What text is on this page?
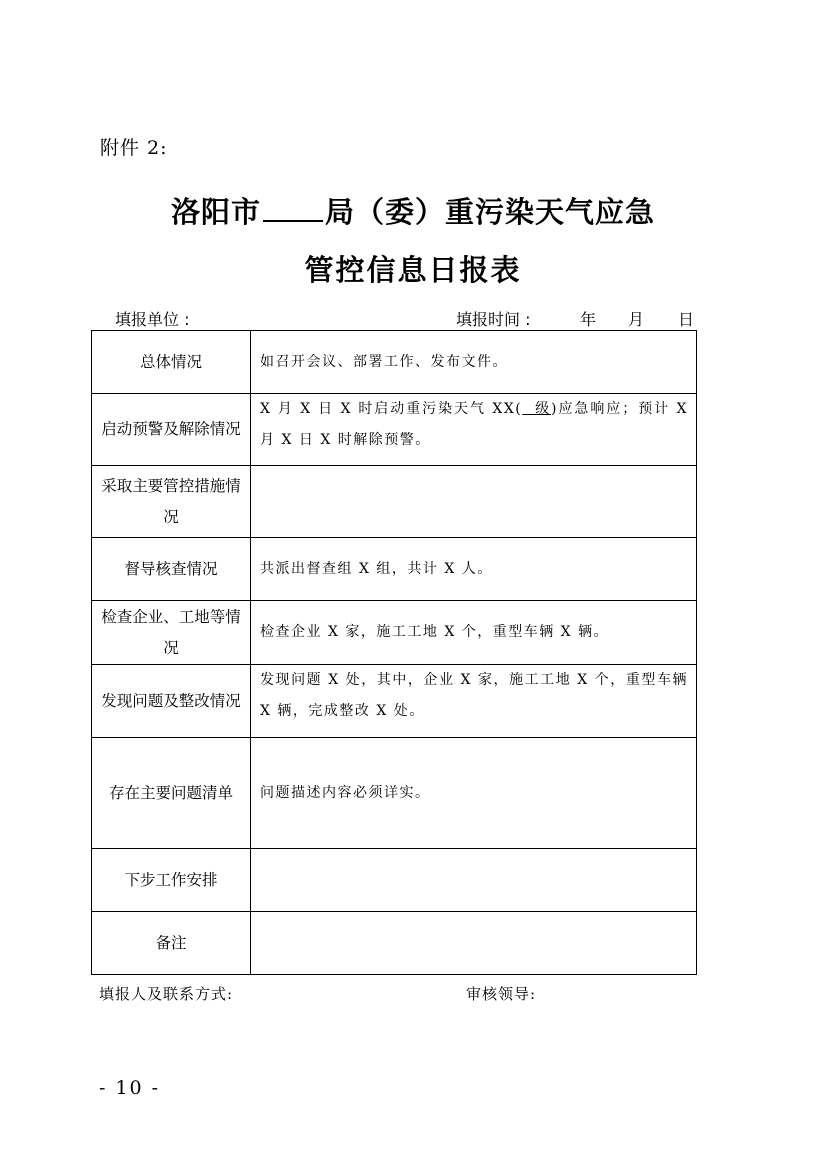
附件 2:
洛阳市 局（委）重污染天气应急
管控信息日报表
填报单位 :	填报时间 :	年 月 日
总体情况	如召开会议、部署工作、发布文件。
启动预警及解除情况	X 月 X 日 X 时启动重污染天气 XX(  级)应急响应；预计 X 月 X 日 X 时解除预警。
采取主要管控措施情况	
督导核查情况	共派出督查组 X 组，共计 X 人。
检查企业、工地等情况	检查企业 X 家，施工工地 X 个，重型车辆 X 辆。
发现问题及整改情况	发现问题 X 处，其中，企业 X 家，施工工地 X 个，重型车辆 X 辆，完成整改 X 处。
存在主要问题清单	问题描述内容必须详实。
下步工作安排	
备注	
填报人及联系方式:	审核领导:
- 10 -
